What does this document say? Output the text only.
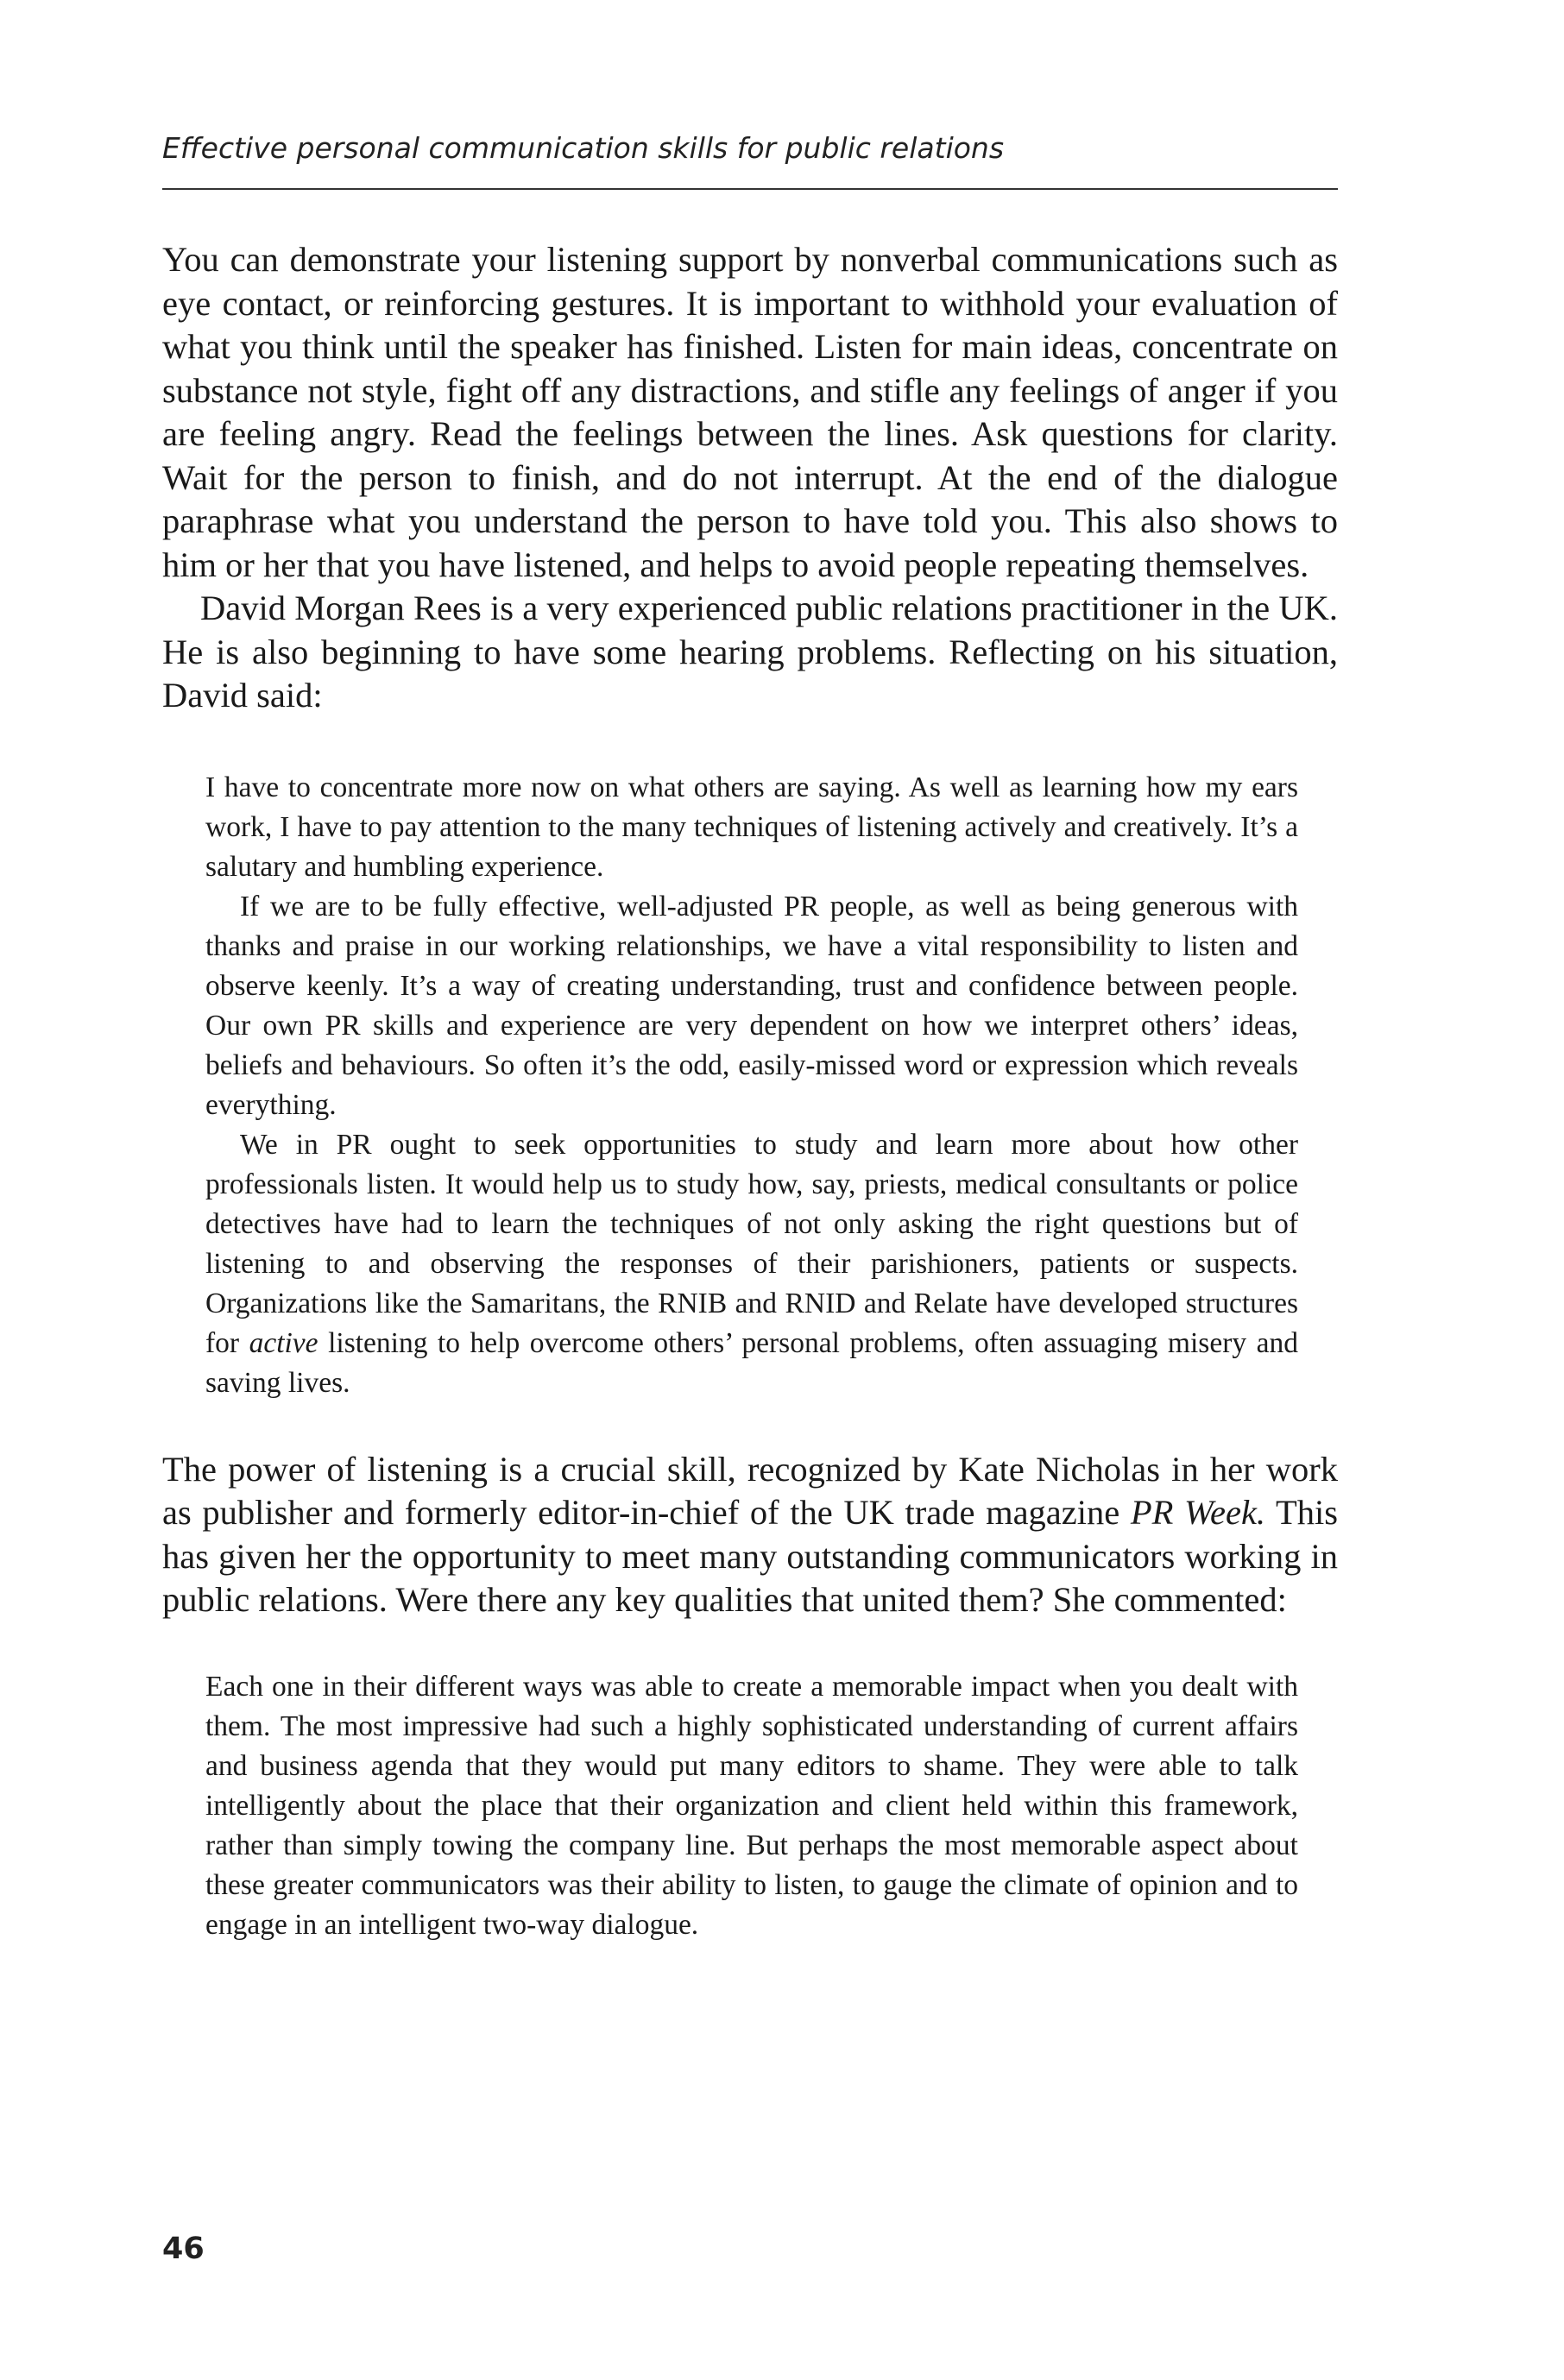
Effective personal communication skills for public relations

You can demonstrate your listening support by nonverbal communications such as eye contact, or reinforcing gestures. It is important to withhold your evaluation of what you think until the speaker has finished. Listen for main ideas, concentrate on substance not style, fight off any distractions, and stifle any feelings of anger if you are feeling angry. Read the feelings between the lines. Ask questions for clarity. Wait for the person to finish, and do not interrupt. At the end of the dialogue paraphrase what you understand the person to have told you. This also shows to him or her that you have listened, and helps to avoid people repeating themselves.

David Morgan Rees is a very experienced public relations practitioner in the UK. He is also beginning to have some hearing problems. Reflecting on his situation, David said:

I have to concentrate more now on what others are saying. As well as learning how my ears work, I have to pay attention to the many techniques of listening actively and creatively. It’s a salutary and humbling experience.

If we are to be fully effective, well-adjusted PR people, as well as being generous with thanks and praise in our working relationships, we have a vital responsibility to listen and observe keenly. It’s a way of creating understanding, trust and confidence between people. Our own PR skills and experience are very dependent on how we interpret others’ ideas, beliefs and behaviours. So often it’s the odd, easily-missed word or expression which reveals everything.

We in PR ought to seek opportunities to study and learn more about how other professionals listen. It would help us to study how, say, priests, medical consultants or police detectives have had to learn the techniques of not only asking the right questions but of listening to and observing the responses of their parishioners, patients or suspects. Organizations like the Samaritans, the RNIB and RNID and Relate have developed structures for active listening to help overcome others’ personal problems, often assuaging misery and saving lives.

The power of listening is a crucial skill, recognized by Kate Nicholas in her work as publisher and formerly editor-in-chief of the UK trade magazine PR Week. This has given her the opportunity to meet many outstanding communicators working in public relations. Were there any key qualities that united them? She commented:

Each one in their different ways was able to create a memorable impact when you dealt with them. The most impressive had such a highly sophisticated understanding of current affairs and business agenda that they would put many editors to shame. They were able to talk intelligently about the place that their organization and client held within this framework, rather than simply towing the company line. But perhaps the most memorable aspect about these greater communicators was their ability to listen, to gauge the climate of opinion and to engage in an intelligent two-way dialogue.

46
